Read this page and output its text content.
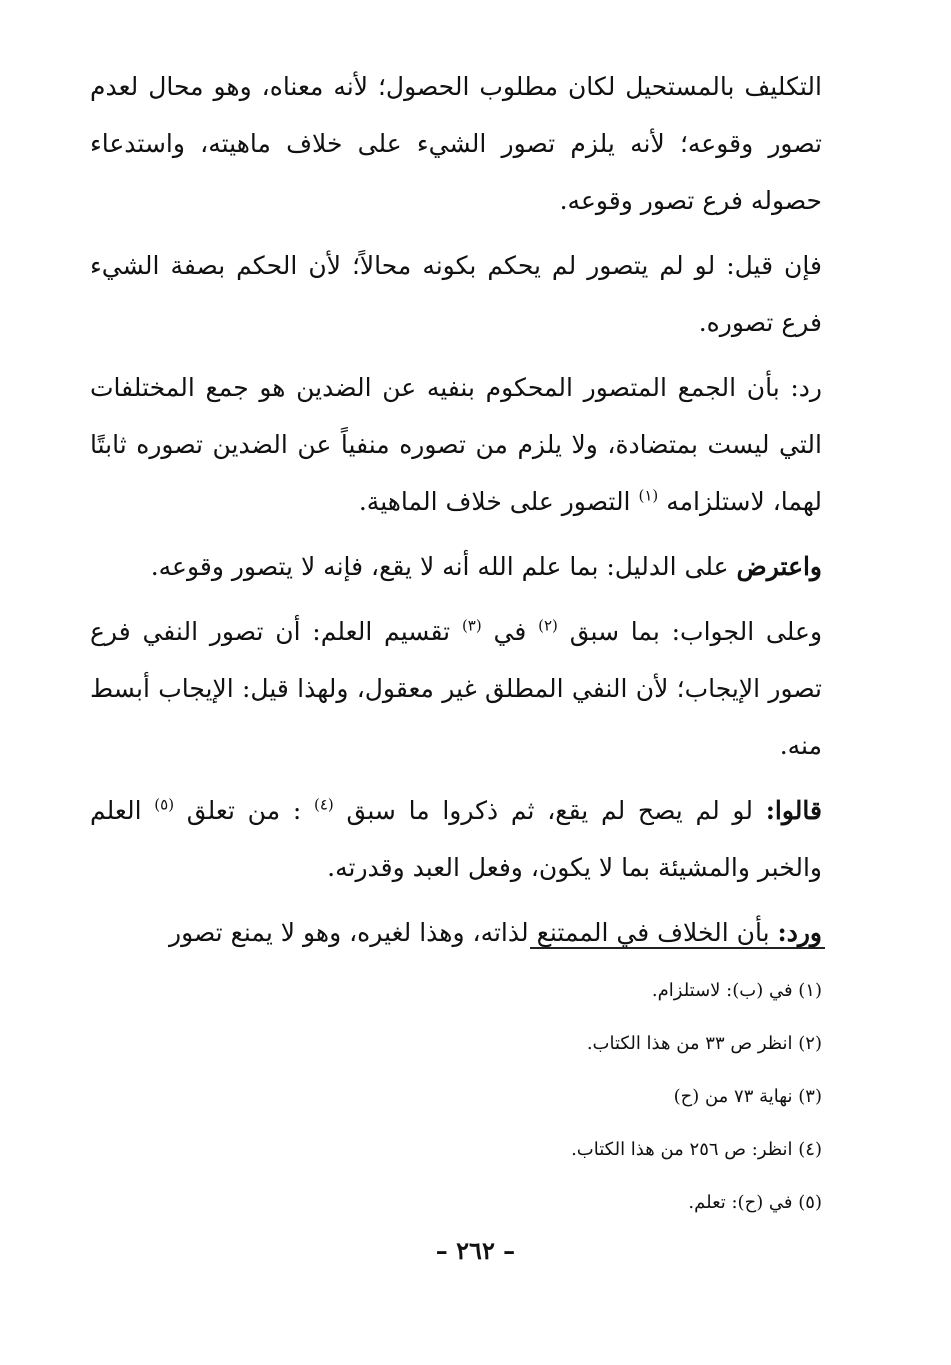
التكليف بالمستحيل لكان مطلوب الحصول؛ لأنه معناه، وهو محال لعدم تصور وقوعه؛ لأنه يلزم تصور الشيء على خلاف ماهيته، واستدعاء حصوله فرع تصور وقوعه.

فإن قيل: لو لم يتصور لم يحكم بكونه محالاً؛ لأن الحكم بصفة الشيء فرع تصوره.

رد: بأن الجمع المتصور المحكوم بنفيه عن الضدين هو جمع المختلفات التي ليست بمتضادة، ولا يلزم من تصوره منفياً عن الضدين تصوره ثابتًا لهما، لاستلزامه $^{(١)}$ التصور على خلاف الماهية.

واعترض على الدليل: بما علم الله أنه لا يقع، فإنه لا يتصور وقوعه.

وعلى الجواب: بما سبق $^{(٢)}$ في $^{(٣)}$ تقسيم العلم: أن تصور النفي فرع تصور الإيجاب؛ لأن النفي المطلق غير معقول، ولهذا قيل: الإيجاب أبسط منه.

قالوا: لو لم يصح لم يقع، ثم ذكروا ما سبق $^{(٤)}$ : من تعلق $^{(٥)}$ العلم والخبر والمشيئة بما لا يكون، وفعل العبد وقدرته.

ورد: بأن الخلاف في الممتنع لذاته، وهذا لغيره، وهو لا يمنع تصور

(١) في (ب): لاستلزام.
(٢) انظر ص ٣٣ من هذا الكتاب.
(٣) نهاية ٧٣ من (ح)
(٤) انظر: ص ٢٥٦ من هذا الكتاب.
(٥) في (ح): تعلم.
– ٢٦٢ –
